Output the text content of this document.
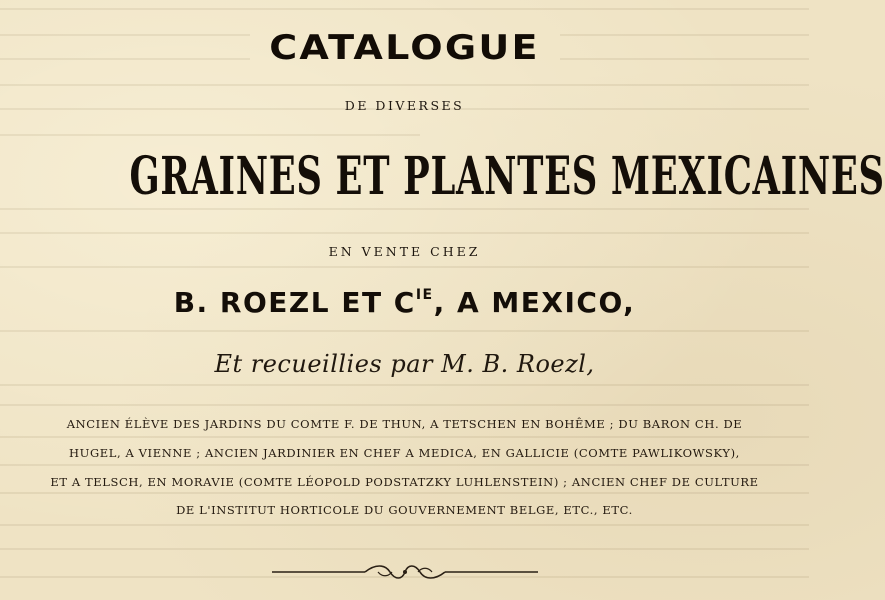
CATALOGUE
DE DIVERSES
GRAINES ET PLANTES MEXICAINES
EN VENTE CHEZ
B. ROEZL ET $C^{IE}$, A MEXICO,
Et recueillies par M. B. Roezl,
ANCIEN ÉLÈVE DES JARDINS DU COMTE F. DE THUN, A TETSCHEN EN BOHÊME ; DU BARON CH. DE
HUGEL, A VIENNE ; ANCIEN JARDINIER EN CHEF A MEDICA, EN GALLICIE (COMTE PAWLIKOWSKY),
ET A TELSCH, EN MORAVIE (COMTE LÉOPOLD PODSTATZKY LUHLENSTEIN) ; ANCIEN CHEF DE CULTURE
DE L'INSTITUT HORTICOLE DU GOUVERNEMENT BELGE, ETC., ETC.
